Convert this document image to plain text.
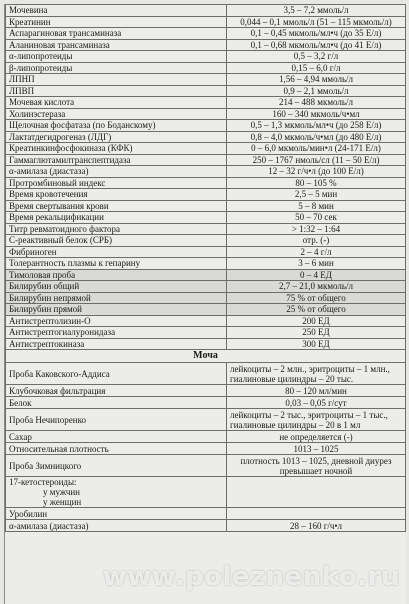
Мочевина	3,5 – 7,2 ммоль/л
Креатинин	0,044 – 0,1 ммоль/л (51 – 115 мкмоль/л)
Аспарагиновая трансаминаза	0,1 – 0,45 мкмоль/мл•ч (до 35 Е/л)
Аланиновая трансаминаза	0,1 – 0,68 мкмоль/мл•ч (до 41 Е/л)
α-липопротеиды	0,5 – 3,2 г/л
β-липопротеиды	0,15 – 6,0 г/л
ЛПНП	1,56 – 4,94 ммоль/л
ЛПВП	0,9 – 2,1 ммоль/л
Мочевая кислота	214 – 488 мкмоль/л
Холинэстераза	160 – 340 мкмоль/ч•мл
Щелочная фосфатаза (по Боданскому)	0,5 – 1,3 мкмоль/мл•ч (до 258 Е/л)
Лактатдегидрогеназ (ЛДГ)	0,8 – 4,0 мкмоль/ч•мл (до 480 Е/л)
Креатинкинфосфокиназа (КФК)	0 – 6,0 мкмоль/мин•л (24-171 Е/л)
Гаммаглютамилтранспептидаза	250 – 1767 нмоль/сл (11 – 50 Е/л)
α-амилаза (диастаза)	12 – 32 г/ч•л (до 100 Е/л)
Протромбиновый индекс	80 – 105 %
Время кровотечения	2,5 – 5 мин
Время свертывания крови	5 – 8 мин
Время рекальцификации	50 – 70 сек
Титр ревматоидного фактора	> 1:32 – 1:64
С-реактивный белок (СРБ)	отр. (-)
Фибриноген	2 – 4 г/л
Толерантность плазмы к гепарину	3 – 6 мин
Тимоловая проба	0 – 4 ЕД
Билирубин общий	2,7 – 21,0 мкмоль/л
Билирубин непрямой	75 % от общего
Билирубин прямой	25 % от общего
Антистрептолизин-О	200 ЕД
Антистрептогиалуронидаза	250 ЕД
Антистрептокиназа	300 ЕД
Моча
Проба Каковского-Аддиса	лейкоциты – 2 млн., эритроциты – 1 млн., гиалиновые цилиндры – 20 тыс.
Клубочковая фильтрация	80 – 120 мл/мин
Белок	0,03 – 0,05 г/сут
Проба Нечипоренко	лейкоциты – 2 тыс., эритроциты – 1 тыс., гиалиновые цилиндры – 20 в 1 мл
Сахар	не определяется (-)
Относительная плотность	1013 – 1025
Проба Зимницкого	плотность 1013 – 1025, дневной диурез превышает ночной
17-кетостероиды:
у мужчин
у женщин	

Уробилин	
α-амилаза (диастаза)	28 – 160 г/ч•л
www.poleznenko.ru
